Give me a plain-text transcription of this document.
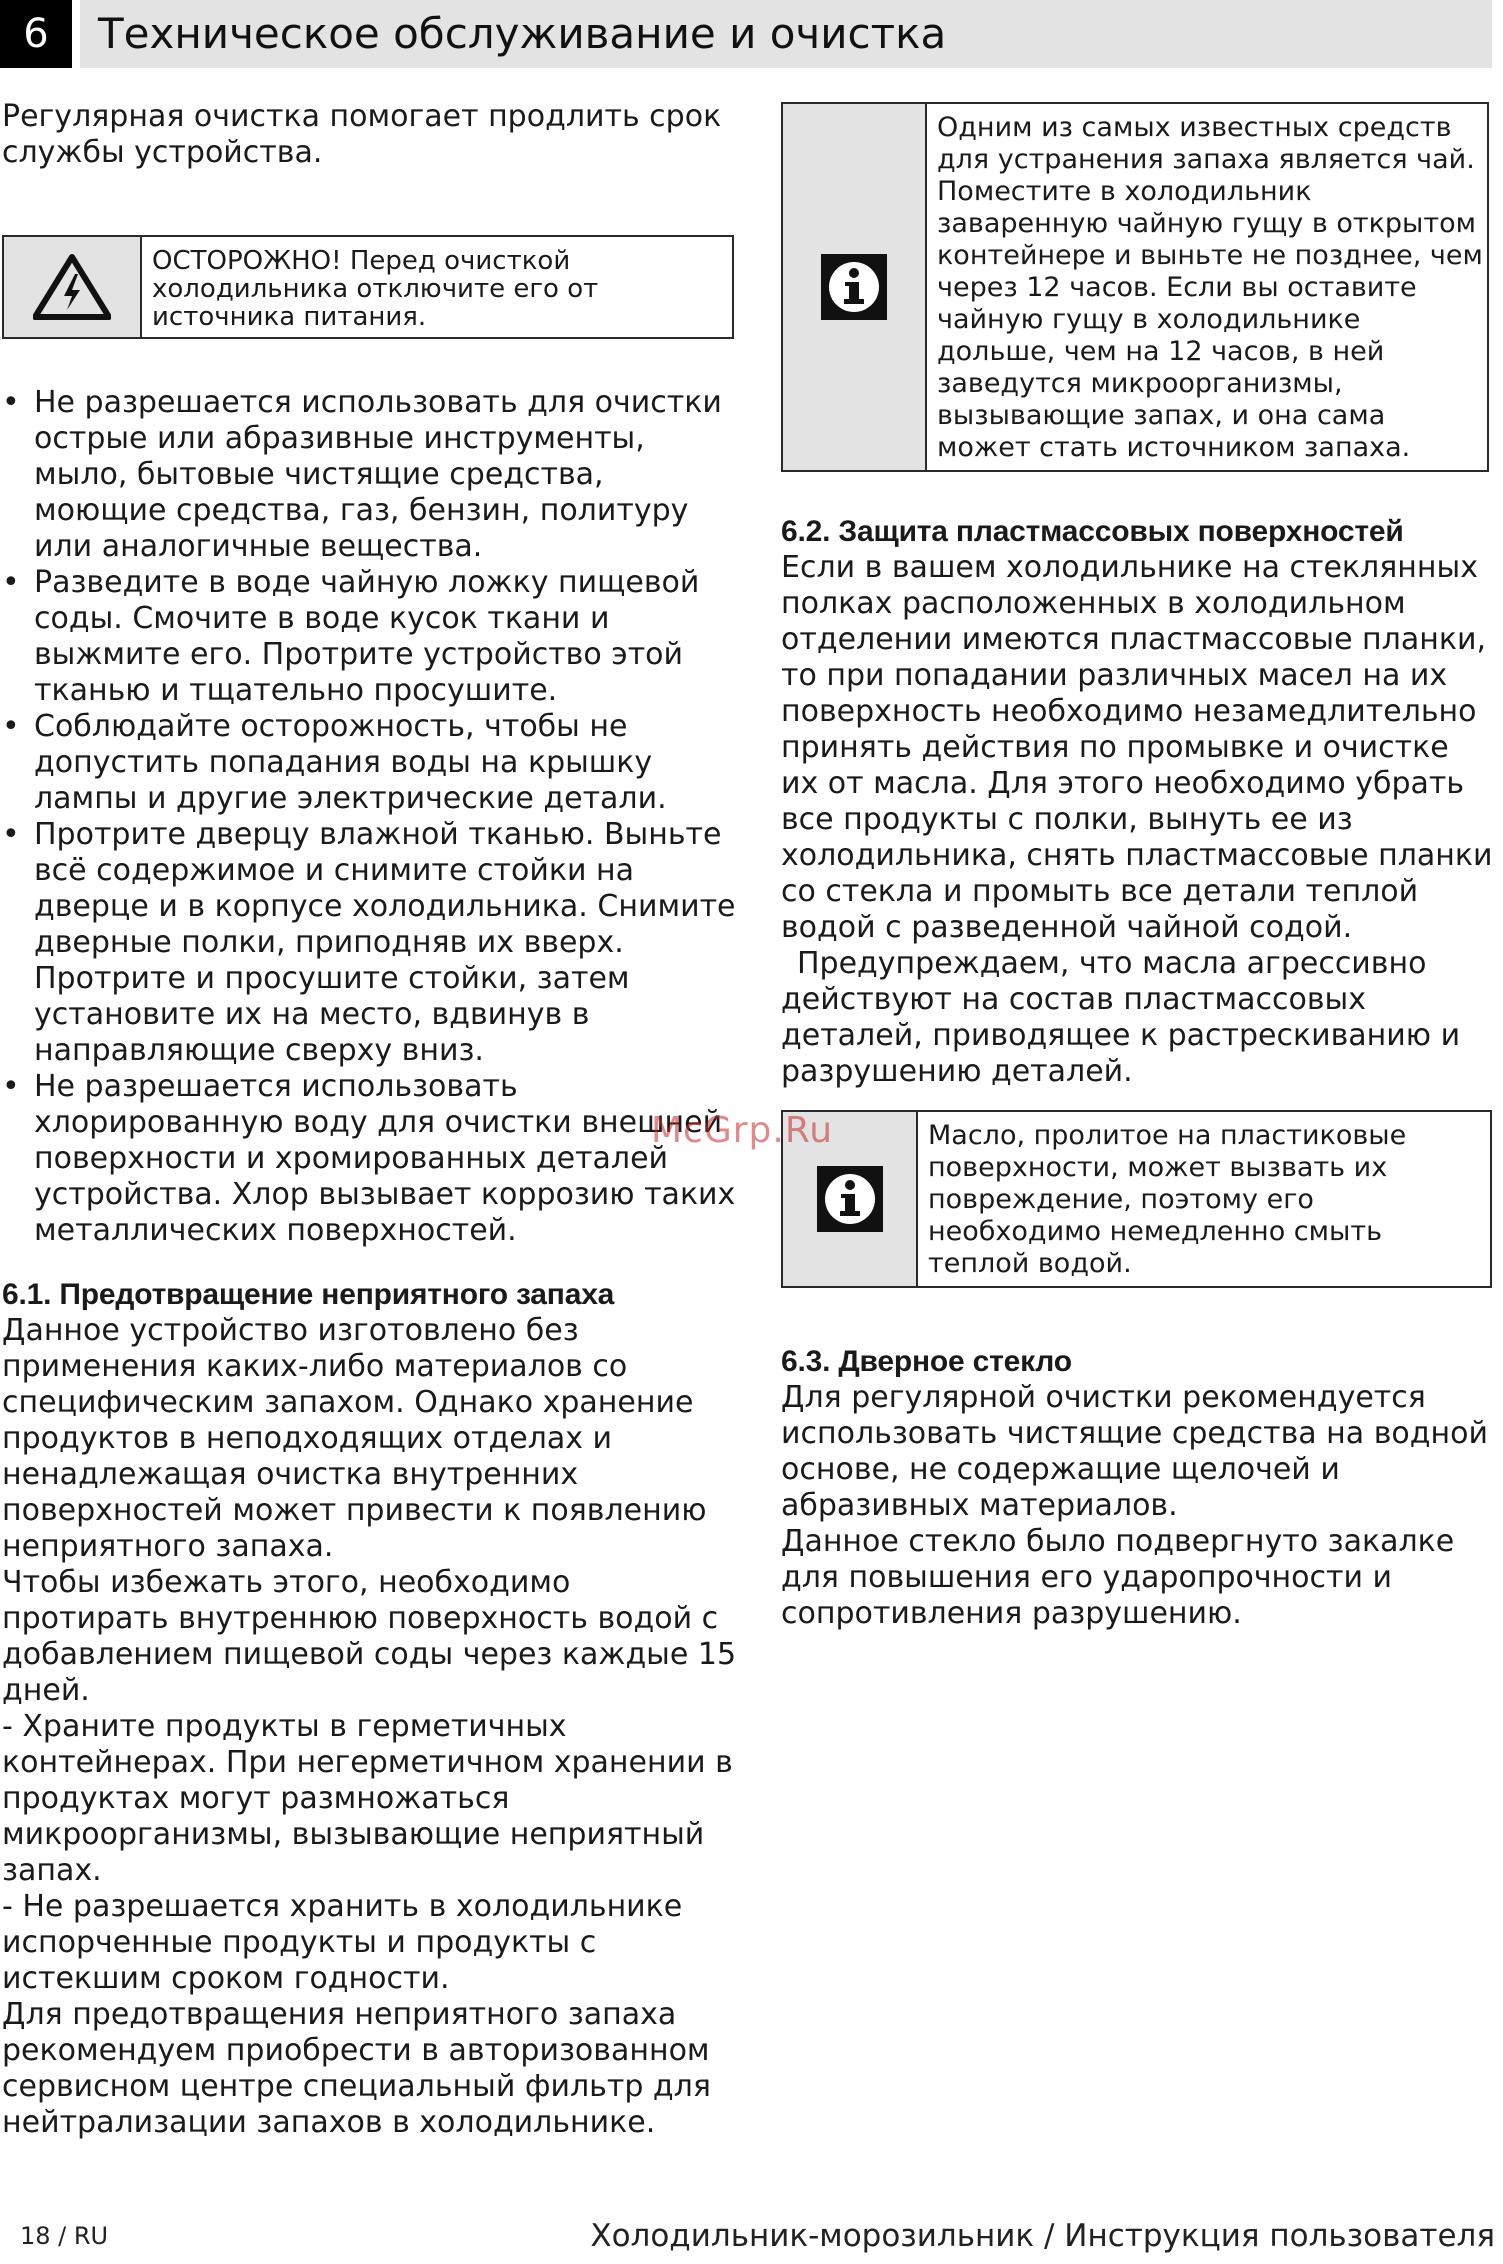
6	Техническое обслуживание и очистка

Регулярная очистка помогает продлить срок службы устройства.

ОСТОРОЖНО! Перед очисткой холодильника отключите его от источника питания.
• Не разрешается использовать для очистки острые или абразивные инструменты, мыло, бытовые чистящие средства, моющие средства, газ, бензин, политуру или аналогичные вещества.
• Разведите в воде чайную ложку пищевой соды. Смочите в воде кусок ткани и выжмите его. Протрите устройство этой тканью и тщательно просушите.
• Соблюдайте осторожность, чтобы не допустить попадания воды на крышку лампы и другие электрические детали.
• Протрите дверцу влажной тканью. Выньте всё содержимое и снимите стойки на дверце и в корпусе холодильника. Снимите дверные полки, приподняв их вверх. Протрите и просушите стойки, затем установите их на место, вдвинув в направляющие сверху вниз.
• Не разрешается использовать хлорированную воду для очистки внешней поверхности и хромированных деталей устройства. Хлор вызывает коррозию таких металлических поверхностей.
6.1. Предотвращение неприятного запаха

Данное устройство изготовлено без применения каких-либо материалов со специфическим запахом. Однако хранение продуктов в неподходящих отделах и ненадлежащая очистка внутренних поверхностей может привести к появлению неприятного запаха.

Чтобы избежать этого, необходимо протирать внутреннюю поверхность водой с добавлением пищевой соды через каждые 15 дней.

- Храните продукты в герметичных контейнерах. При негерметичном хранении в продуктах могут размножаться микроорганизмы, вызывающие неприятный запах.

- Не разрешается хранить в холодильнике испорченные продукты и продукты с истекшим сроком годности.

Для предотвращения неприятного запаха рекомендуем приобрести в авторизованном сервисном центре специальный фильтр для нейтрализации запахов в холодильнике.

Одним из самых известных средств для устранения запаха является чай. Поместите в холодильник заваренную чайную гущу в открытом контейнере и выньте не позднее, чем через 12 часов. Если вы оставите чайную гущу в холодильнике дольше, чем на 12 часов, в ней заведутся микроорганизмы, вызывающие запах, и она сама может стать источником запаха.
6.2. Защита пластмассовых поверхностей

Если в вашем холодильнике на стеклянных полках расположенных в холодильном отделении имеются пластмассовые планки, то при попадании различных масел на их поверхность необходимо незамедлительно принять действия по промывке и очистке их от масла. Для этого необходимо убрать все продукты с полки, вынуть ее из холодильника, снять пластмассовые планки со стекла и промыть все детали теплой водой с разведенной чайной содой.

Предупреждаем, что масла агрессивно действуют на состав пластмассовых деталей, приводящее к растрескиванию и разрушению деталей.

Масло, пролитое на пластиковые поверхности, может вызвать их повреждение, поэтому его необходимо немедленно смыть теплой водой.
6.3. Дверное стекло

Для регулярной очистки рекомендуется использовать чистящие средства на водной основе, не содержащие щелочей и абразивных материалов.

Данное стекло было подвергнуто закалке для повышения его ударопрочности и сопротивления разрушению.

McGrp.Ru
18 / RU	Холодильник-морозильник / Инструкция пользователя
